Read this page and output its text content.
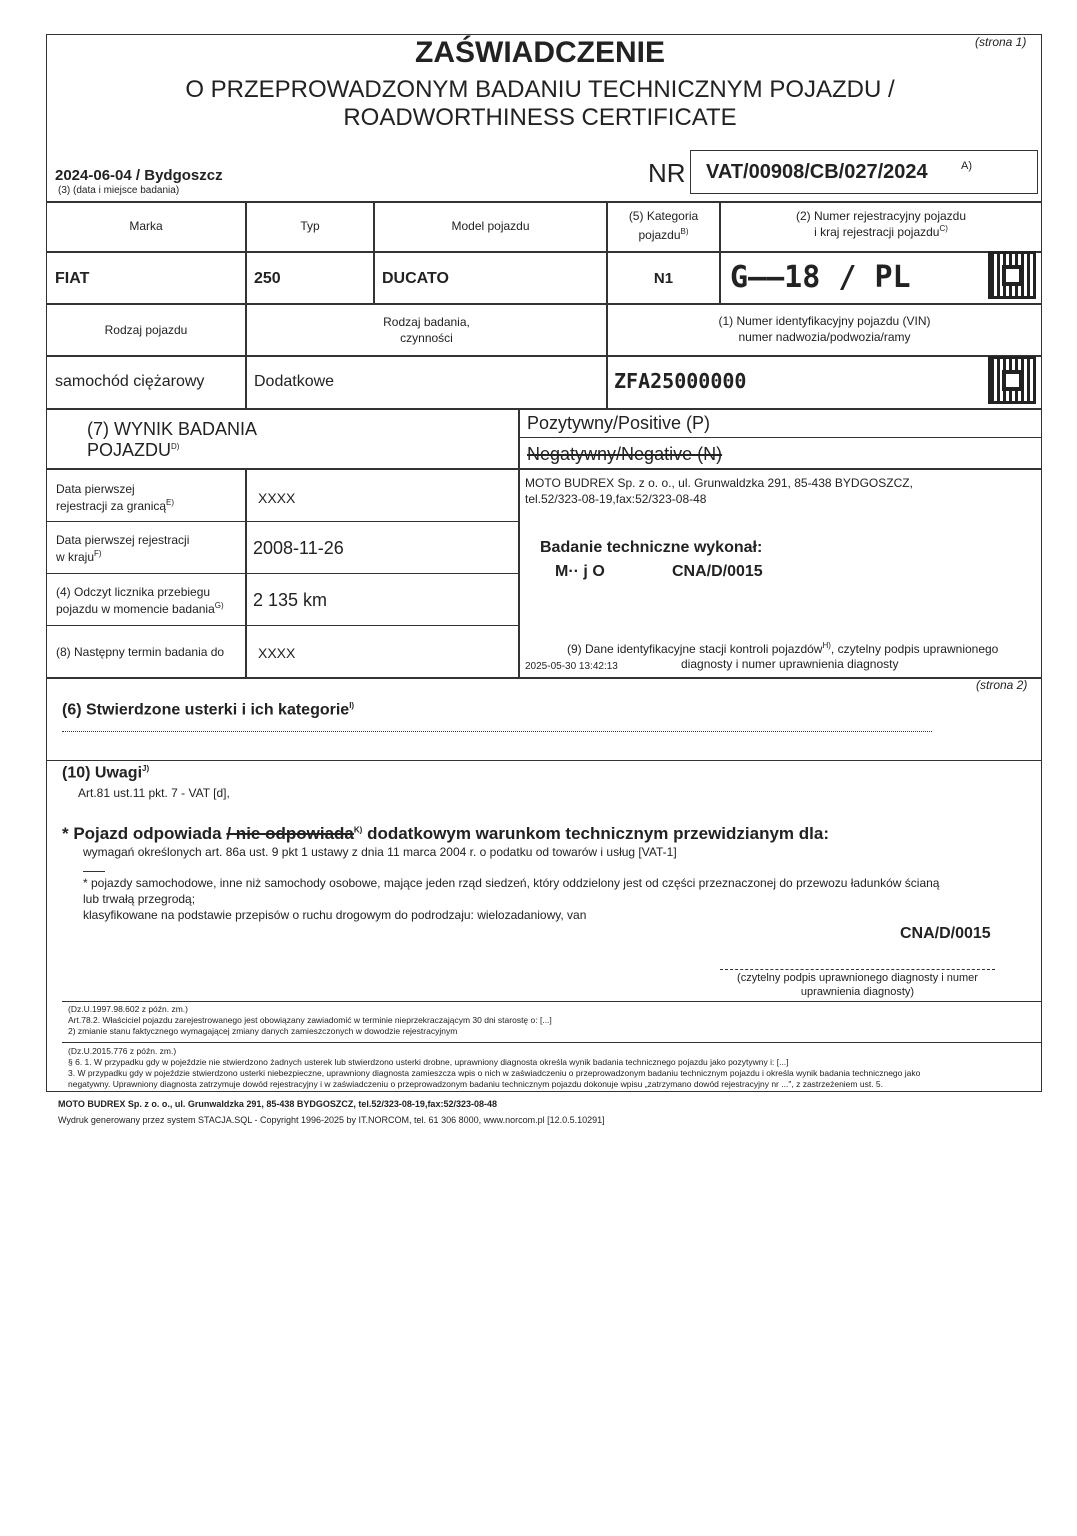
(strona 1)
ZAŚWIADCZENIE
O PRZEPROWADZONYM BADANIU TECHNICZNYM POJAZDU /
ROADWORTHINESS CERTIFICATE
2024-06-04 / Bydgoszcz
(3) (data i miejsce badania)
NR VAT/00908/CB/027/2024	A)
Marka	Typ	Model pojazdu
(5) Kategoria pojazdu$^{B)}$
(2) Numer rejestracyjny pojazdu
i kraj rejestracji pojazdu$^{C)}$
FIAT	250	DUCATO	N1	G——18 / PL
Rodzaj pojazdu
Rodzaj badania,
czynności
(1) Numer identyfikacyjny pojazdu (VIN)
numer nadwozia/podwozia/ramy
samochód ciężarowy	Dodatkowe	ZFA25000000
(7) WYNIK BADANIA
$POJAZDU^{D)}$
Pozytywny/Positive (P)
Negatywny/Negative (N)
Data pierwszej
rejestracji za granicą$^{E)}$	XXXX
Data pierwszej rejestracji
w kraju$^{F)}$	2008-11-26
(4) Odczyt licznika przebiegu
pojazdu w momencie badania$^{G)}$ 2 135 km
(8) Następny termin badania do XXXX
MOTO BUDREX Sp. z o. o., ul. Grunwaldzka 291, 85-438 BYDGOSZCZ,
tel.52/323-08-19,fax:52/323-08-48
Badanie techniczne wykonał:
M·· j O	CNA/D/0015
(9) Dane identyfikacyjne stacji kontroli pojazdów$^{H)}$, czytelny podpis uprawnionego
diagnosty i numer uprawnienia diagnosty
2025-05-30 13:42:13
(strona 2)
(6) Stwierdzone usterki i ich kategorie$^{I)}$
(10) Uwagi$^{J)}$
Art.81 ust.11 pkt. 7 - VAT [d],
* Pojazd odpowiada / nie odpowiada$^{K)}$ dodatkowym warunkom technicznym przewidzianym dla:
wymagań określonych art. 86a ust. 9 pkt 1 ustawy z dnia 11 marca 2004 r. o podatku od towarów i usług [VAT-1]
* pojazdy samochodowe, inne niż samochody osobowe, mające jeden rząd siedzeń, który oddzielony jest od części przeznaczonej do przewozu ładunków ścianą
lub trwałą przegrodą;
klasyfikowane na podstawie przepisów o ruchu drogowym do podrodzaju: wielozadaniowy, van
CNA/D/0015
(czytelny podpis uprawnionego diagnosty i numer
uprawnienia diagnosty)
(Dz.U.1997.98.602 z późn. zm.)
Art.78.2. Właściciel pojazdu zarejestrowanego jest obowiązany zawiadomić w terminie nieprzekraczającym 30 dni starostę o: [...]
2) zmianie stanu faktycznego wymagającej zmiany danych zamieszczonych w dowodzie rejestracyjnym
(Dz.U.2015.776 z późn. zm.)
§ 6. 1. W przypadku gdy w pojeździe nie stwierdzono żadnych usterek lub stwierdzono usterki drobne, uprawniony diagnosta określa wynik badania technicznego pojazdu jako pozytywny i: [...]
3. W przypadku gdy w pojeździe stwierdzono usterki niebezpieczne, uprawniony diagnosta zamieszcza wpis o nich w zaświadczeniu o przeprowadzonym badaniu technicznym pojazdu i określa wynik badania technicznego jako
negatywny. Uprawniony diagnosta zatrzymuje dowód rejestracyjny i w zaświadczeniu o przeprowadzonym badaniu technicznym pojazdu dokonuje wpisu „zatrzymano dowód rejestracyjny nr ...", z zastrzeżeniem ust. 5.
MOTO BUDREX Sp. z o. o., ul. Grunwaldzka 291, 85-438 BYDGOSZCZ, tel.52/323-08-19,fax:52/323-08-48
Wydruk generowany przez system STACJA.SQL - Copyright 1996-2025 by IT.NORCOM, tel. 61 306 8000, www.norcom.pl [12.0.5.10291]
